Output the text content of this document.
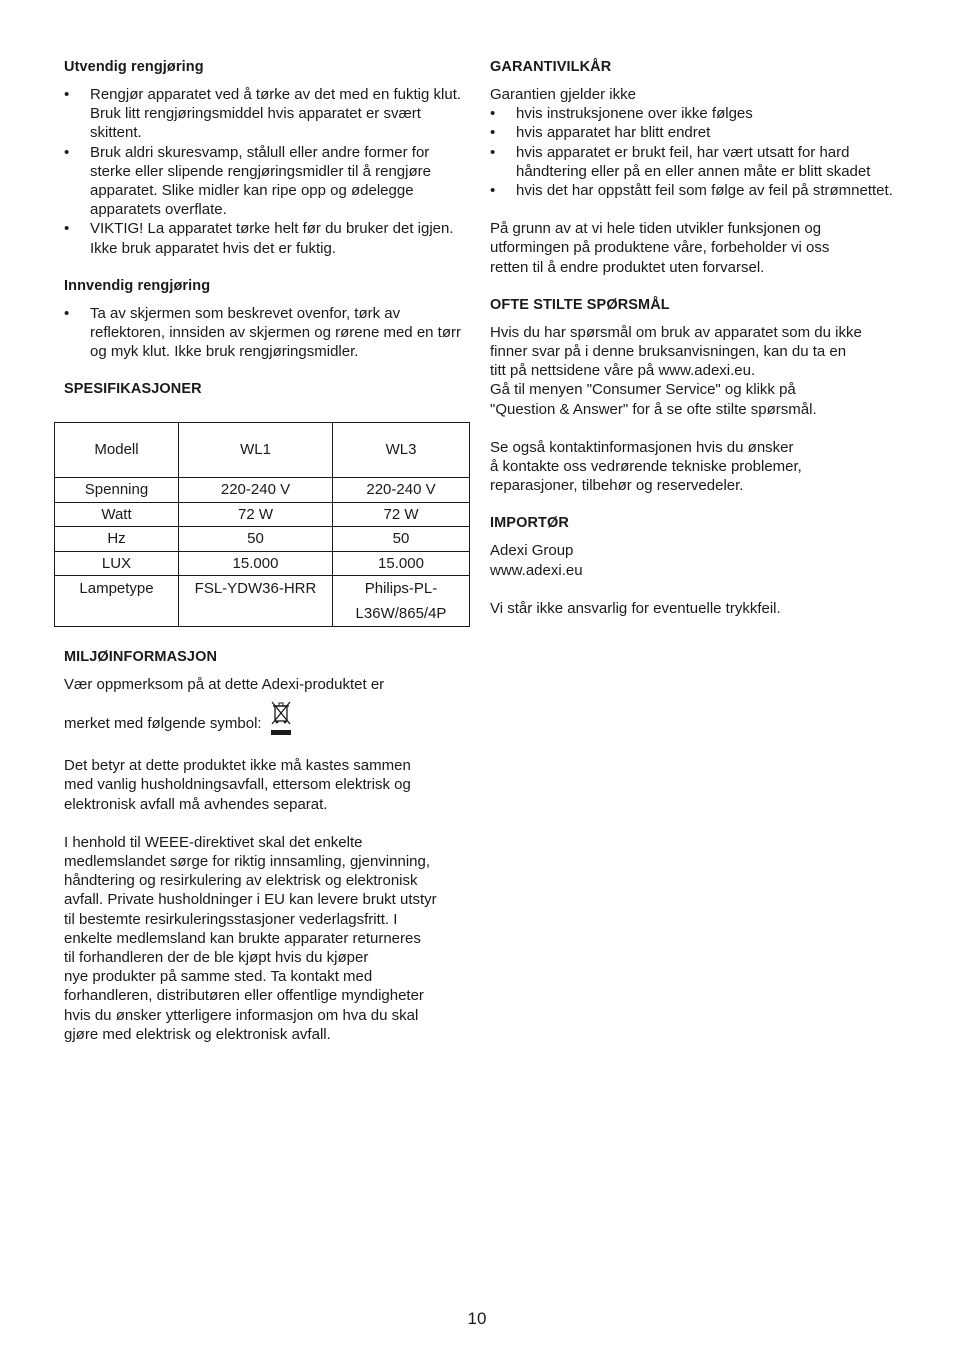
Utvendig rengjøring
• Rengjør apparatet ved å tørke av det med en fuktig klut. Bruk litt rengjøringsmiddel hvis apparatet er svært skittent.
• Bruk aldri skuresvamp, stålull eller andre former for sterke eller slipende rengjøringsmidler til å rengjøre apparatet. Slike midler kan ripe opp og ødelegge apparatets overflate.
• VIKTIG! La apparatet tørke helt før du bruker det igjen. Ikke bruk apparatet hvis det er fuktig.
Innvendig rengjøring
• Ta av skjermen som beskrevet ovenfor, tørk av reflektoren, innsiden av skjermen og rørene med en tørr og myk klut. Ikke bruk rengjøringsmidler.
SPESIFIKASJONER
Modell	WL1	WL3
Spenning	220-240 V	220-240 V
Watt	72 W	72 W
Hz	50	50
LUX	15.000	15.000
Lampetype	FSL-YDW36-HRR	Philips-PL-
L36W/865/4P
MILJØINFORMASJON

Vær oppmerksom på at dette Adexi-produktet er

merket med følgende symbol:

Det betyr at dette produktet ikke må kastes sammen
med vanlig husholdningsavfall, ettersom elektrisk og
elektronisk avfall må avhendes separat.

I henhold til WEEE-direktivet skal det enkelte
medlemslandet sørge for riktig innsamling, gjenvinning,
håndtering og resirkulering av elektrisk og elektronisk
avfall. Private husholdninger i EU kan levere brukt utstyr
til bestemte resirkuleringsstasjoner vederlagsfritt. I
enkelte medlemsland kan brukte apparater returneres
til forhandleren der de ble kjøpt hvis du kjøper
nye produkter på samme sted. Ta kontakt med
forhandleren, distributøren eller offentlige myndigheter
hvis du ønsker ytterligere informasjon om hva du skal
gjøre med elektrisk og elektronisk avfall.

GARANTIVILKÅR

Garantien gjelder ikke

• hvis instruksjonene over ikke følges
• hvis apparatet har blitt endret
• hvis apparatet er brukt feil, har vært utsatt for hard håndtering eller på en eller annen måte er blitt skadet
• hvis det har oppstått feil som følge av feil på strømnettet.

På grunn av at vi hele tiden utvikler funksjonen og
utformingen på produktene våre, forbeholder vi oss
retten til å endre produktet uten forvarsel.

OFTE STILTE SPØRSMÅL

Hvis du har spørsmål om bruk av apparatet som du ikke
finner svar på i denne bruksanvisningen, kan du ta en
titt på nettsidene våre på www.adexi.eu.
Gå til menyen "Consumer Service" og klikk på
"Question & Answer" for å se ofte stilte spørsmål.

Se også kontaktinformasjonen hvis du ønsker
å kontakte oss vedrørende tekniske problemer,
reparasjoner, tilbehør og reservedeler.

IMPORTØR

Adexi Group

www.adexi.eu

Vi står ikke ansvarlig for eventuelle trykkfeil.

10
